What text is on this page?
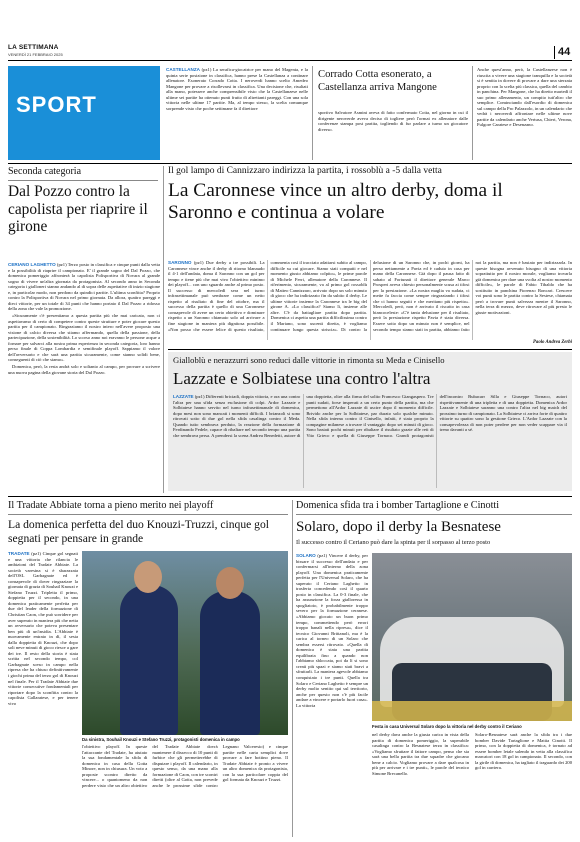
LA SETTIMANA
VENERDÌ 21 FEBBRAIO 2025	44
SPORT
CASTELLANZA (pz1) La serafica-giocatrice per mano del Magenta, e la quinta serie posizione in classifica, hanno prese la Castellanza a continare allenatore. Esonerato Corrado Cotta. I neroverdi hanno scelto Amedeo Mangone per provare a risollevarsi in classifica. Una decisione che, risultati alla mano, potessere anche comprensibile visto che la Castellanzese nelle ultime sei partite ha ottenuto punti frutto di altrettanti pareggi. Con una sola vittoria nelle ultime 17 partite. Ma, al tempo stesso, la scelta comunque sorprende visto che poche settimane fa il direttore
Corrado Cotta esonerato, a Castellanza arriva Mangone
sportivo Salvatore Asmini aveva di fatto confermato Cotta, nel giorno in cui il dirigente neroverde aveva deciso di togliere però l'ormai ex allenatore dalle conferenze stampa post partita, togliendo di fur parlare a turno un giocatore diverso.
Anche quest'anno, però, la Castellanzese non è riuscita a vivere una stagione tranquilla e la società si è sentita in dovere di provare a dare una sterzata proprio con la scelta più classica, quella del cambio in panchina. Per Mangone, che ha diretto martedì il suo primo allenamento, un compito tutt'altro che semplice. Cominciando dall'esordio di domenica sul campo della Pro Palazzolo, in un calendario che vedrà i neroverdi affrontare nelle ultime nove partite da calendario anche Vertusa, Chieri, Verona, Fulgore Caratese e Desenzano.
Seconda categoria
Dal Pozzo contro la capolista per riaprire il girone

CERIANO LAGHETTO (pz1) Terzo posto in classifica e cinque punti dalla vetta e la possibilità di riaprire il campionato. E' il grande sogno del Dal Pozzo, che domenica pomeriggio affronterà la capolista Polisportiva di Novara al grande sogno di vivere un'altra giornata da protagonista. Al secondo anno in Seconda categoria i gialloneri stanno andando al di sopra delle aspettative di inizio stagione e, in particolar modo, non perdono da quindici partite. L'ultima sconfitta? Proprio contro la Polisportiva di Novara nel primo giornata. Da allora, quattro pareggi e dieci vittorie, per un totale di 34 punti che hanno portato il Dal Pozzo a ridosso della zona che vale la promozione.

«Sicuramente c'è presentiamo a questa partita più che mai caricato, non ci aspettavamo di certo di competere contro queste strutture e poter giocare questo partita per il campionato. Ringraziamo il nostro intero nell'avere proposto una visione di calcio diversa che stiamo affermando, quella della passione, della partecipazione, della sostenibilità. Lo scorso anno noi eravamo le persone acque a fornare per salvarci alla nostra prima esperienza in seconda categoria, loro hanno perso finale di Coppa Lombardia e semifinale playoff. Sappiamo il valore dell'avversario e che sarà una partita sicuramente, come stanno solidi bene, conseguenti di ciò che siamo».

Domenica, però, la resta andrà solo e soltanto al campo, per provare a scrivere una nuova pagina della giovane storia del Dal Pozzo.

Il gol lampo di Cannizzaro indirizza la partita, i rossoblù a -5 dalla vetta
La Caronnese vince un altro derby, doma il Saronno e continua a volare
SARONNO (pz1) Due derby a tre possibili. La Caronnese vince anche il derby di ritorno blanaudo il 4-1 dell'andata, doma il Saronno con un gol per tempo e tiene più che mai vivo l'obiettivo minimo dei playoff... con uno sguardo anche al primo posto. Il successo di mercoledì sera nel turno infrasettimanale può sembrare come un netto rispetto al risultato di fine del ottobre, ma il successo della partita è quello di una Caronnese consapevole di avere un certo obiettivo e dominare rispetto a un Saronno chiamato solo ad arrivare a fine stagione in maniera più dignitosa possibile. «Non posso che essere felice di questo risultato, commenta così il tracciato adattarsi subito al campo, difficile su cui giocare. Siamo stati compatti e nel momento giusto abbiamo colpito», le prime parole di Michele Ferri, allenatore della Caronnese. Il riferimento, sicuramente, va al primo gol rossoblù di Matteo Cannizzaro, arrivato dopo un solo minuto di gioco che ha indirizzato fin da subito il derby. Le ultime vittorie insieme la Caronnese tra le big del girone A. «Lo classifica? Siamo lì, insieme alle altre. C'è da battagliare partita dopo partita. Domenica ci aspetta una partita difficilissima contro il Mariano, sono uscenti diretta, è vogliamo continuare lungo questa striscia». Di contro la delusione di un Saronno che, in pochi giorni, ha perso nettamente a Pavia ed è caduto in casa per mano della Caronnese. Già dopo il pausa fatto di sabato al Fortunati il direttore generale Marco Prosperi aveva chiesto personalmente scusa ai tifosi per la prestazione. «La nostra maglia va sudata, ci mette fa faccia come sempre ringraziando i tifosi che ci hanno seguiti e che meritano più rispetto». Mercoledì, però, non è arrivato il riscatto in casa biancoceleste: «C'è tanta delusione per il risultato, però la prestazione rispetto Pavia è stata diversa. Essere sotto dopo un minuto non è semplice, nel secondo tempo siamo stati in partita, abbiamo fatto noi la partita, ma non è bastato per indirizzarla. In queste bisogna avvenuto bisogno di una vittoria soprattutto per il nostro morale, vogliamo trovarla già domenica per dare una svolta al nostro momento difficile», le parole di Fabio Tibaldo che ha sostituito in panchina Fiorenzo Roncari. Crescere voi punti sono le partita contro la Sestese, chiamata però a trovare punti salvezza mentre il Saronno, nella terra di mezzo, deve ritrovare al più presto le giuste motivazioni.
Paolo Andrea Zerbi
Gialloblù e nerazzurri sono reduci dalle vittorie in rimonta su Meda e Cinisello
Lazzate e Solbiatese una contro l'altra
LAZZATE (pz1) Differenti briciadi, doppia vittoria, e ora una contro l'altra per una sfida senza esclusione di colpi. Ardor Lazzate e Solbiatese hanno servito nel turno infrasettimanale di domenica, dopo mesi non sono mancati i momenti difficili. I brianzoli si sono ritrovati sotto di due gol nella sfida casalinga contro il Meda. Quando tutto sembrava perduto, la reazione della formazione di Ferdinando Fedele, capace di ribaltare nel secondo tempo una partita che sembrava persa. A prendersi la scena Andrea Benedetti, autore di una doppietta, oltre alla firma del solito Francesco Giangaspero. Tre punti sudati, forse insperati a un certo punto della partita, ma che permettono all'Ardor Lazzate di uscire dopo il momento difficile. Brivido anche per la Solbiatese, par durato solo qualche minuto. Nella sfida interna contro il Cinisello, infatti, è stata proprio la compagine milanese a trovare il vantaggio dopo sei minuti di gioco. Sono bastati pochi minuti per ribaltare il risultato grazie alle reti di Vito Grieco e quella di Giuseppe Tornaco. Grandi protagonisti dell'incontro Bubacarr Silla e Giuseppe Tornaco, autori rispettivamente di una tripletta e di una doppietta. Domenica Ardor Lazzate e Solbiatese saranno una contro l'altra nel big match del prossimo turno di campionato. La Solbiatese ci arriva forte di quattro vittorie su quattro sono la gestione Grieco. L'Ardor Lazzate con la consapevolezza di non poter perdere per non veder scappare via il treno davanti a sé.
Il Tradate Abbiate torna a pieno merito nei playoff
La domenica perfetta del duo Knouzi-Truzzi, cinque gol segnati per pensare in grande
TRADATE (pz1) Cinque gol segnati e una vittoria che rilancia le ambizioni del Tradate Abbiate. La società varesina si è sbarazzata dell'OSL Garbagnate ed è consapevole di dover ringraziare la giornata di grazia di Souhail Knouzi e Stefano Truzzi. Tripletta il primo, doppietta per il secondo, in una domenica praticamente perfetta per due del leader della formazione di Christian Caon, che può sorridere per aver superato in maniera più che netta un avversario che poteva presentare ben più di un'insidia. L'Abbiate è nuovamente entrato in dì, il sesta dalla doppietta di Knouzi, che dopo soli neve minuti di gioco riesce a gare dei tre. Il resto della storia è stata scritta nel secondo tempo, col Garbagnate sceso in campo nella ripresa che ha chiuso definitivamente i giochi prima del terzo gol di Knouzi nel finale. Per il Tradate Abbiate due vittorie consecutive fondamentali per riportare dopo la sconfitta contro la capolista Gallaratese, e per tenere vivo
Da sinistra, Souhail Knouzi e Stefano Truzzi, protagonisti domenica in campo
l'obiettivo playoff. In queste l'attaccante del Tradate, ha aiutato la sua fondamentale la sfida di domenica in casa della Gotta Minore, non in chiusura. Un voto a proposte scontro diretto da vincere... o quantomeno da non perdere visto che un altro obiettivo del Tradate Abbiate dovrà mantenere il dissecco di 10 punti di furbice che gli permetterebbe di disputare i playoff. Il calendario, in questo senso, da una mano alla formazione di Caon, con tre scontri diretti (oltre al Gotta, non prevede anche le prossime sfide contro Legnano Valceresio) e cinque partite nelle carta semplici dove provare a fare bottino pieno. Il Tradate Abbiate è pronto a vivere un altro domenica da protagonista, con la sua particolare coppia del gol formata da Knouzi e Truzzi.
Domenica sfida tra i bomber Tartaglione e Cinotti
Solaro, dopo il derby la Besnatese
Il successo contro il Ceriano può dare la spinta per il sorpasso al terzo posto
SOLARO (pz1) Vincere il derby, per bissare il successo dell'andata e per confermarsi all'interno della zona playoff. Una domenica praticamente perfetta per l'Universal Solaro, che ha superato il Ceriano Laghetto in trasferta concedendo così il quarto posto in classifica. La 0-3 finale, che ha assunzione la forza gialloressa in spogliatoio, è probabilmente troppo severo per la formazione ceranese. «Abbiamo giocato un buon primo tempo, commettendo però errori troppo banali nella ripresa», dice il tecnico Giovanni Brittanoli, ma è la carica al torneo di un Solaro che sembra essersi ritrovato. «Quella di domenica è stata una partita equilibrata fino a quando non l'abbiamo sbloccata, poi da lì si sono creati più spazi e siamo stati bravi a sfruttarli. La maniera agevole abbiamo conquistato i tre punti. Quella tra Solaro e Ceriano Laghetto è sempre un derby molto sentito qui sul territorio, anche per questo non c'è più facile andare a vincere e portarlo fuori casa». La vittoria
Festa in casa Universal Solaro dopo la vittoria nel derby contro il Ceriano
nel derby dava anche la giusta carica in vista della partita di domenica pomeriggio, la superabile casalinga contro la Besnatese terza in classifica: «Vogliamo sfruttare il fattore campo, penso che sia sarà una bella partita tra due squadre che giocano bene a calcio. Vogliamo provare a dare qualcosa in più per arrivare e i tre punti», le parole del tecnico Simone Brecanello.
Solaro-Besnatese sarà anche la sfida tra i due bomber Davide Tartaglione e Mattia Cinotti. Il primo, con la doppietta di domenica, è tornato ad essere bomber letale salendo in vetta alla classifica marcatori con 18 gol in campionato. Il secondo, con la girile di domenica, ha tagliato il traguardo dei 200 gol in carriera.
